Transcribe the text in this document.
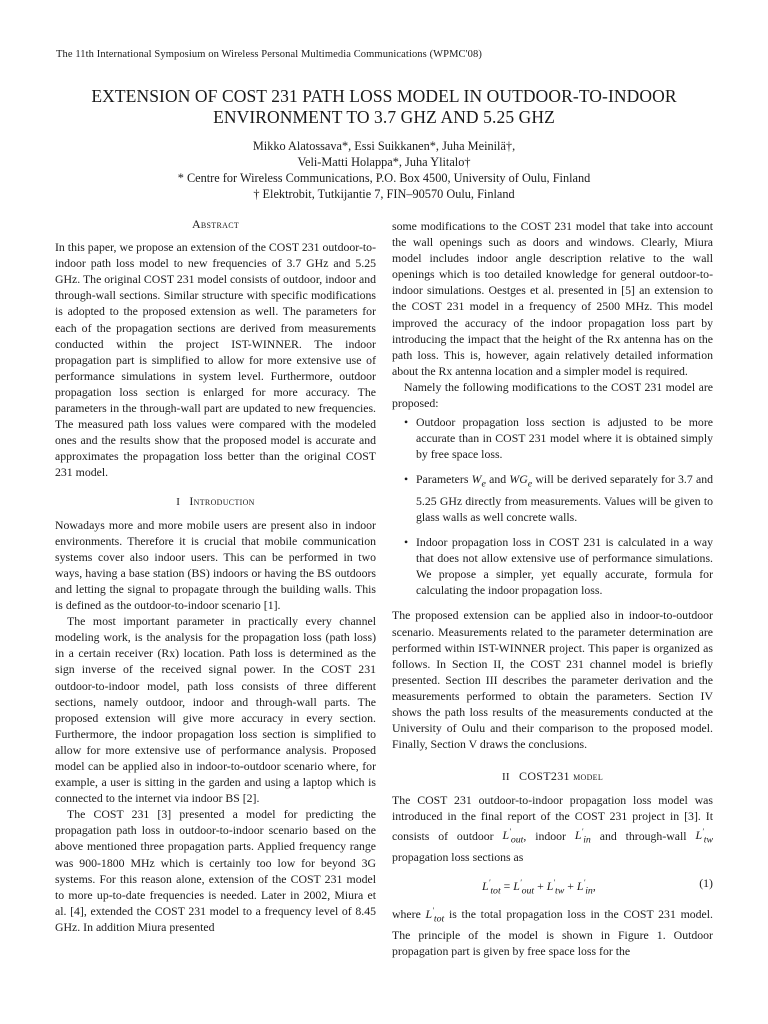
The 11th International Symposium on Wireless Personal Multimedia Communications (WPMC'08)
EXTENSION OF COST 231 PATH LOSS MODEL IN OUTDOOR-TO-INDOOR
ENVIRONMENT TO 3.7 GHZ AND 5.25 GHZ
Mikko Alatossava*, Essi Suikkanen*, Juha Meinilä†,
Veli-Matti Holappa*, Juha Ylitalo†
* Centre for Wireless Communications, P.O. Box 4500, University of Oulu, Finland
† Elektrobit, Tutkijantie 7, FIN–90570 Oulu, Finland
Abstract

In this paper, we propose an extension of the COST 231 outdoor-to-indoor path loss model to new frequencies of 3.7 GHz and 5.25 GHz. The original COST 231 model consists of outdoor, indoor and through-wall sections. Similar structure with specific modifications is adopted to the proposed extension as well. The parameters for each of the propagation sections are derived from measurements conducted within the project IST-WINNER. The indoor propagation part is simplified to allow for more extensive use of performance simulations in system level. Furthermore, outdoor propagation loss section is enlarged for more accuracy. The parameters in the through-wall part are updated to new frequencies. The measured path loss values were compared with the modeled ones and the results show that the proposed model is accurate and approximates the propagation loss better than the original COST 231 model.

I Introduction

Nowadays more and more mobile users are present also in indoor environments. Therefore it is crucial that mobile communication systems cover also indoor users. This can be performed in two ways, having a base station (BS) indoors or having the BS outdoors and letting the signal to propagate through the building walls. This is defined as the outdoor-to-indoor scenario [1].

The most important parameter in practically every channel modeling work, is the analysis for the propagation loss (path loss) in a certain receiver (Rx) location. Path loss is determined as the sign inverse of the received signal power. In the COST 231 outdoor-to-indoor model, path loss consists of three different sections, namely outdoor, indoor and through-wall parts. The proposed extension will give more accuracy in every section. Furthermore, the indoor propagation loss section is simplified to allow for more extensive use of performance analysis. Proposed model can be applied also in indoor-to-outdoor scenario where, for example, a user is sitting in the garden and using a laptop which is connected to the internet via indoor BS [2].

The COST 231 [3] presented a model for predicting the propagation path loss in outdoor-to-indoor scenario based on the above mentioned three propagation parts. Applied frequency range was 900-1800 MHz which is certainly too low for beyond 3G systems. For this reason alone, extension of the COST 231 model to more up-to-date frequencies is needed. Later in 2002, Miura et al. [4], extended the COST 231 model to a frequency level of 8.45 GHz. In addition Miura presented

some modifications to the COST 231 model that take into account the wall openings such as doors and windows. Clearly, Miura model includes indoor angle description relative to the wall openings which is too detailed knowledge for general outdoor-to-indoor simulations. Oestges et al. presented in [5] an extension to the COST 231 model in a frequency of 2500 MHz. This model improved the accuracy of the indoor propagation loss part by introducing the impact that the height of the Rx antenna has on the path loss. This is, however, again relatively detailed information about the Rx antenna location and a simpler model is required.

Namely the following modifications to the COST 231 model are proposed:

• Outdoor propagation loss section is adjusted to be more accurate than in COST 231 model where it is obtained simply by free space loss.
• Parameters $W_e$ and $WG_e$ will be derived separately for 3.7 and 5.25 GHz directly from measurements. Values will be given to glass walls as well concrete walls.
• Indoor propagation loss in COST 231 is calculated in a way that does not allow extensive use of performance simulations. We propose a simpler, yet equally accurate, formula for calculating the indoor propagation loss.

The proposed extension can be applied also in indoor-to-outdoor scenario. Measurements related to the parameter determination are performed within IST-WINNER project. This paper is organized as follows. In Section II, the COST 231 channel model is briefly presented. Section III describes the parameter derivation and the measurements performed to obtain the parameters. Section IV shows the path loss results of the measurements conducted at the University of Oulu and their comparison to the proposed model. Finally, Section V draws the conclusions.

II COST231 model

The COST 231 outdoor-to-indoor propagation loss model was introduced in the final report of the COST 231 project in [3]. It consists of outdoor $L'_{out}$, indoor $L'_{in}$ and through-wall $L'_{tw}$ propagation loss sections as

$L'_{tot} = L'_{out} + L'_{tw} + L'_{in}$,	(1)

where $L'_{tot}$ is the total propagation loss in the COST 231 model. The principle of the model is shown in Figure 1. Outdoor propagation part is given by free space loss for the
